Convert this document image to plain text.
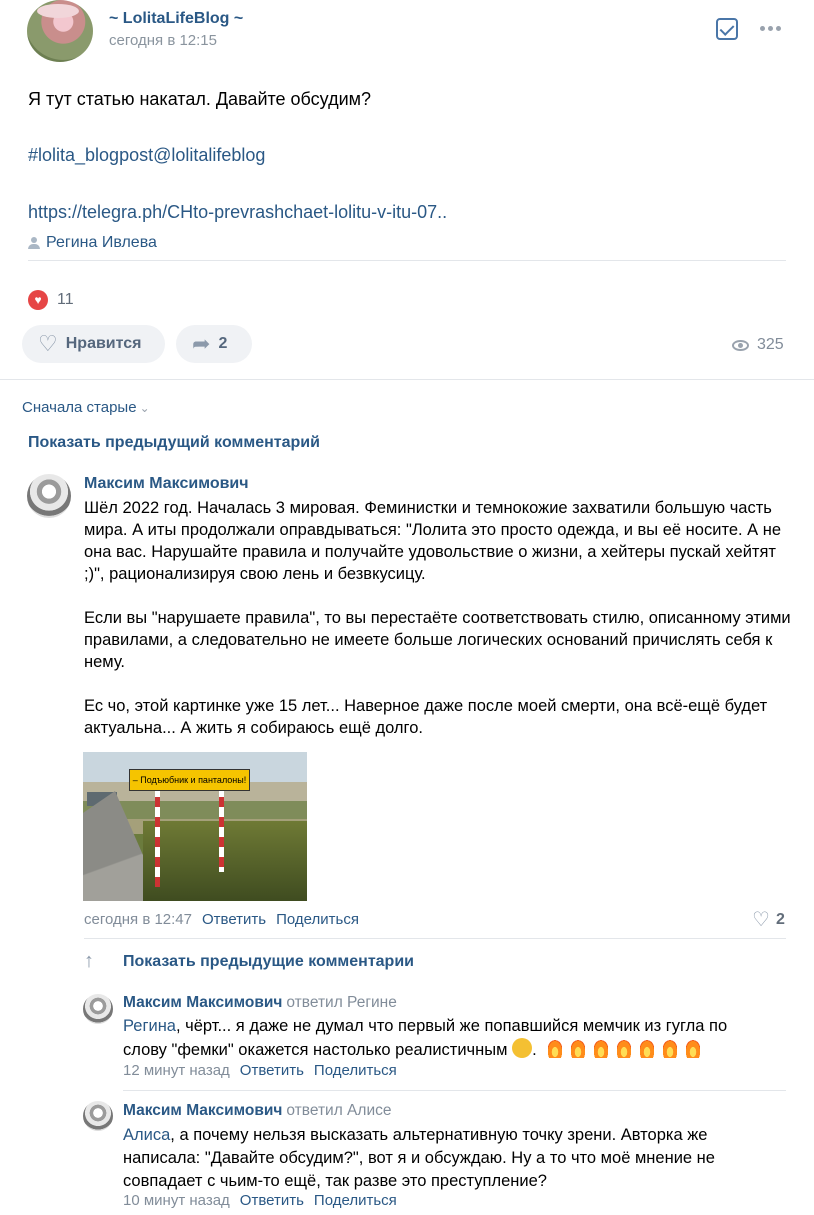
~ LolitaLifeBlog ~
сегодня в 12:15
Я тут статью накатал. Давайте обсудим?
#lolita_blogpost@lolitalifeblog
https://telegra.ph/CHto-prevrashchaet-lolitu-v-itu-07..
Регина Ивлева
♥ 11
♡ Нравится ➦ 2	325
Сначала старые ⌄
Показать предыдущий комментарий
Максим Максимович

Шёл 2022 год. Началась 3 мировая. Феминистки и темнокожие захватили большую часть мира. А иты продолжали оправдываться: "Лолита это просто одежда, и вы её носите. А не она вас. Нарушайте правила и получайте удовольствие о жизни, а хейтеры пускай хейтят ;)", рационализируя свою лень и безвкусицу.

Если вы "нарушаете правила", то вы перестаёте соответствовать стилю, описанному этими правилами, а следовательно не имеете больше логических оснований причислять себя к нему.

Ес чо, этой картинке уже 15 лет... Наверное даже после моей смерти, она всё-ещё будет актуальна... А жить я собираюсь ещё долго.

– Подъюбник и панталоны!
сегодня в 12:47 Ответить Поделиться	♡ 2
↑ Показать предыдущие комментарии
Максим Максимович ответил Регине
Регина, чёрт... я даже не думал что первый же попавшийся мемчик из гугла по слову "фемки" окажется настолько реалистичным .
12 минут назад Ответить Поделиться
Максим Максимович ответил Алисе
Алиса, а почему нельзя высказать альтернативную точку зрени. Авторка же написала: "Давайте обсудим?", вот я и обсуждаю. Ну а то что моё мнение не совпадает с чьим-то ещё, так разве это преступление?
10 минут назад Ответить Поделиться
